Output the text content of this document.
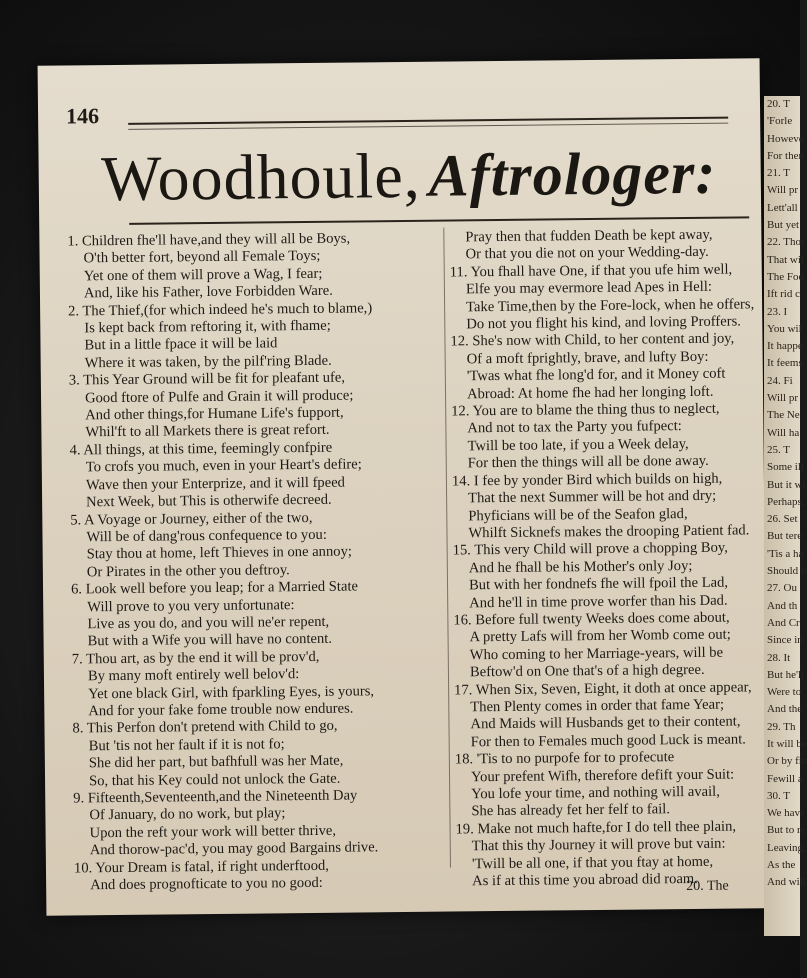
146
Woodhoule, Aftrologer:

1. Children fhe'll have,and they will all be Boys,

O'th better fort, beyond all Female Toys;

Yet one of them will prove a Wag, I fear;

And, like his Father, love Forbidden Ware.

2. The Thief,(for which indeed he's much to blame,)

Is kept back from reftoring it, with fhame;

But in a little fpace it will be laid

Where it was taken, by the pilf'ring Blade.

3. This Year Ground will be fit for pleafant ufe,

Good ftore of Pulfe and Grain it will produce;

And other things,for Humane Life's fupport,

Whil'ft to all Markets there is great refort.

4. All things, at this time, feemingly confpire

To crofs you much, even in your Heart's defire;

Wave then your Enterprize, and it will fpeed

Next Week, but This is otherwife decreed.

5. A Voyage or Journey, either of the two,

Will be of dang'rous confequence to you:

Stay thou at home, left Thieves in one annoy;

Or Pirates in the other you deftroy.

6. Look well before you leap; for a Married State

Will prove to you very unfortunate:

Live as you do, and you will ne'er repent,

But with a Wife you will have no content.

7. Thou art, as by the end it will be prov'd,

By many moft entirely well belov'd:

Yet one black Girl, with fparkling Eyes, is yours,

And for your fake fome trouble now endures.

8. This Perfon don't pretend with Child to go,

But 'tis not her fault if it is not fo;

She did her part, but bafhfull was her Mate,

So, that his Key could not unlock the Gate.

9. Fifteenth,Seventeenth,and the Nineteenth Day

Of January, do no work, but play;

Upon the reft your work will better thrive,

And thorow-pac'd, you may good Bargains drive.

10. Your Dream is fatal, if right underftood,

And does prognofticate to you no good:

Pray then that fudden Death be kept away,

Or that you die not on your Wedding-day.

11. You fhall have One, if that you ufe him well,

Elfe you may evermore lead Apes in Hell:

Take Time,then by the Fore-lock, when he offers,

Do not you flight his kind, and loving Proffers.

12. She's now with Child, to her content and joy,

Of a moft fprightly, brave, and lufty Boy:

'Twas what fhe long'd for, and it Money coft

Abroad: At home fhe had her longing loft.

12. You are to blame the thing thus to neglect,

And not to tax the Party you fufpect:

Twill be too late, if you a Week delay,

For then the things will all be done away.

14. I fee by yonder Bird which builds on high,

That the next Summer will be hot and dry;

Phyficians will be of the Seafon glad,

Whilft Sicknefs makes the drooping Patient fad.

15. This very Child will prove a chopping Boy,

And he fhall be his Mother's only Joy;

But with her fondnefs fhe will fpoil the Lad,

And he'll in time prove worfer than his Dad.

16. Before full twenty Weeks does come about,

A pretty Lafs will from her Womb come out;

Who coming to her Marriage-years, will be

Beftow'd on One that's of a high degree.

17. When Six, Seven, Eight, it doth at once appear,

Then Plenty comes in order that fame Year;

And Maids will Husbands get to their content,

For then to Females much good Luck is meant.

18. 'Tis to no purpofe for to profecute

Your prefent Wifh, therefore defift your Suit:

You lofe your time, and nothing will avail,

She has already fet her felf to fail.

19. Make not much hafte,for I do tell thee plain,

That this thy Journey it will prove but vain:

'Twill be all one, if that you ftay at home,

As if at this time you abroad did roam.

20. The
20. T
'Forle
Howeve
For then
21. T
Will pr
Lett'all
But yet
22. Thos
That wil
The Foo
Ift rid c
23. I
You wil
It happe
It feems
24. Fi
Will pr
The Ne
Will ha
25. T
Some ill
But it wi
Perhaps,
26. Set
But tere
'Tis a ha
Should b
27. Ou
And th
And Cr
Since in
28. It
But he'll
Were to
And the
29. Th
It will be
Or by fin
Fewill a
30. T
We have
But to re
Leaving,
As the
And will
